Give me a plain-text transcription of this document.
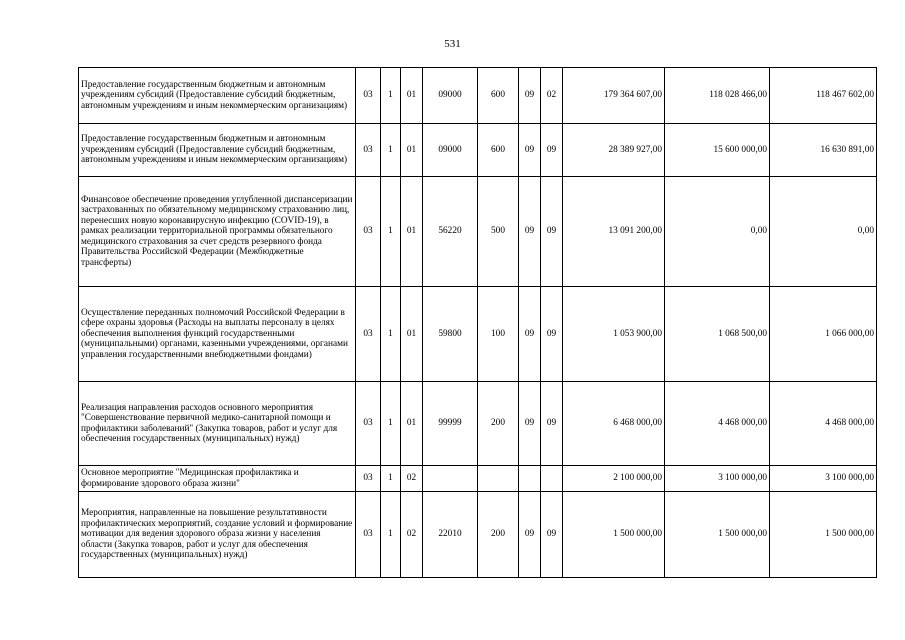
531
Предоставление государственным бюджетным и автономным учреждениям субсидий (Предоставление субсидий бюджетным, автономным учреждениям и иным некоммерческим организациям)	03	1	01	09000	600	09	02	179 364 607,00	118 028 466,00	118 467 602,00
Предоставление государственным бюджетным и автономным учреждениям субсидий (Предоставление субсидий бюджетным, автономным учреждениям и иным некоммерческим организациям)	03	1	01	09000	600	09	09	28 389 927,00	15 600 000,00	16 630 891,00
Финансовое обеспечение проведения углубленной диспансеризации застрахованных по обязательному медицинскому страхованию лиц, перенесших новую коронавирусную инфекцию (COVID-19), в рамках реализации территориальной программы обязательного медицинского страхования за счет средств резервного фонда Правительства Российской Федерации (Межбюджетные трансферты)	03	1	01	56220	500	09	09	13 091 200,00	0,00	0,00
Осуществление переданных полномочий Российской Федерации в сфере охраны здоровья (Расходы на выплаты персоналу в целях обеспечения выполнения функций государственными (муниципальными) органами, казенными учреждениями, органами управления государственными внебюджетными фондами)	03	1	01	59800	100	09	09	1 053 900,00	1 068 500,00	1 066 000,00
Реализация направления расходов основного мероприятия "Совершенствование первичной медико-санитарной помощи и профилактики заболеваний" (Закупка товаров, работ и услуг для обеспечения государственных (муниципальных) нужд)	03	1	01	99999	200	09	09	6 468 000,00	4 468 000,00	4 468 000,00
Основное мероприятие "Медицинская профилактика и формирование здорового образа жизни"	03	1	02					2 100 000,00	3 100 000,00	3 100 000,00
Мероприятия, направленные на повышение результативности профилактических мероприятий, создание условий и формирование мотивации для ведения здорового образа жизни у населения области (Закупка товаров, работ и услуг для обеспечения государственных (муниципальных) нужд)	03	1	02	22010	200	09	09	1 500 000,00	1 500 000,00	1 500 000,00
